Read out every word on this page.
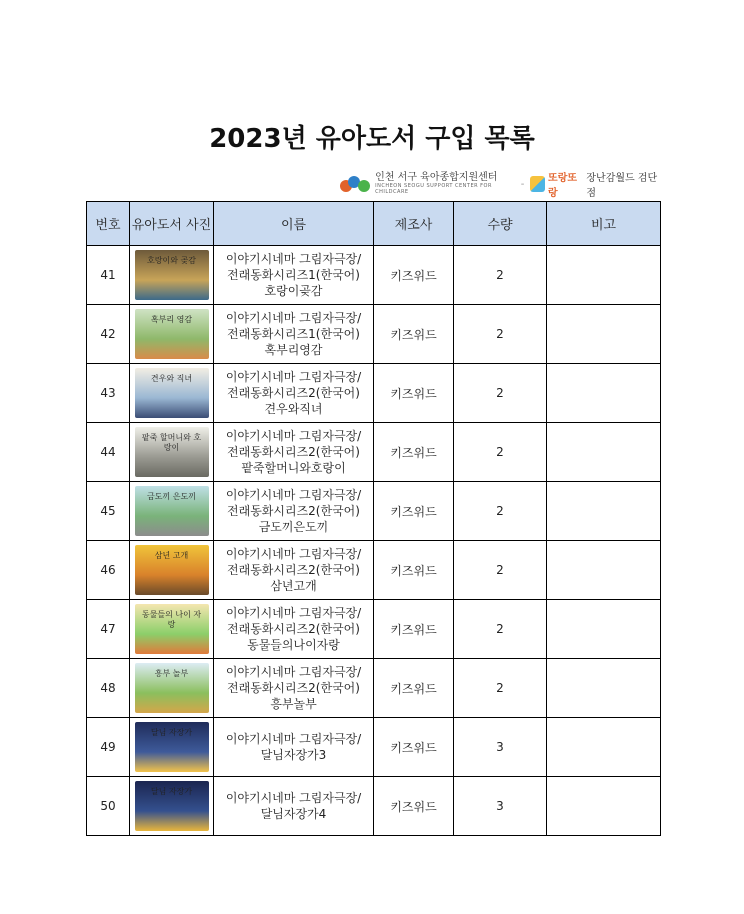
2023년 유아도서 구입 목록
인천 서구 육아종합지원센터
INCHEON SEOGU SUPPORT CENTER FOR CHILDCARE
- 또랑또랑
장난감월드 검단점
번호	유아도서 사진	이름	제조사	수량	비고
41	호랑이와 곶감	이야기시네마 그림자극장/
전래동화시리즈1(한국어)
호랑이곶감	키즈위드	2	
42	혹부리 영감	이야기시네마 그림자극장/
전래동화시리즈1(한국어)
혹부리영감	키즈위드	2	
43	견우와 직녀	이야기시네마 그림자극장/
전래동화시리즈2(한국어)
견우와직녀	키즈위드	2	
44	팥죽 할머니와 호랑이	이야기시네마 그림자극장/
전래동화시리즈2(한국어)
팥죽할머니와호랑이	키즈위드	2	
45	금도끼 은도끼	이야기시네마 그림자극장/
전래동화시리즈2(한국어)
금도끼은도끼	키즈위드	2	
46	삼년 고개	이야기시네마 그림자극장/
전래동화시리즈2(한국어)
삼년고개	키즈위드	2	
47	동물들의 나이 자랑	이야기시네마 그림자극장/
전래동화시리즈2(한국어)
동물들의나이자랑	키즈위드	2	
48	흥부 놀부	이야기시네마 그림자극장/
전래동화시리즈2(한국어)
흥부놀부	키즈위드	2	
49	달님 자장가	이야기시네마 그림자극장/
달님자장가3	키즈위드	3	
50	달님 자장가	이야기시네마 그림자극장/
달님자장가4	키즈위드	3	
